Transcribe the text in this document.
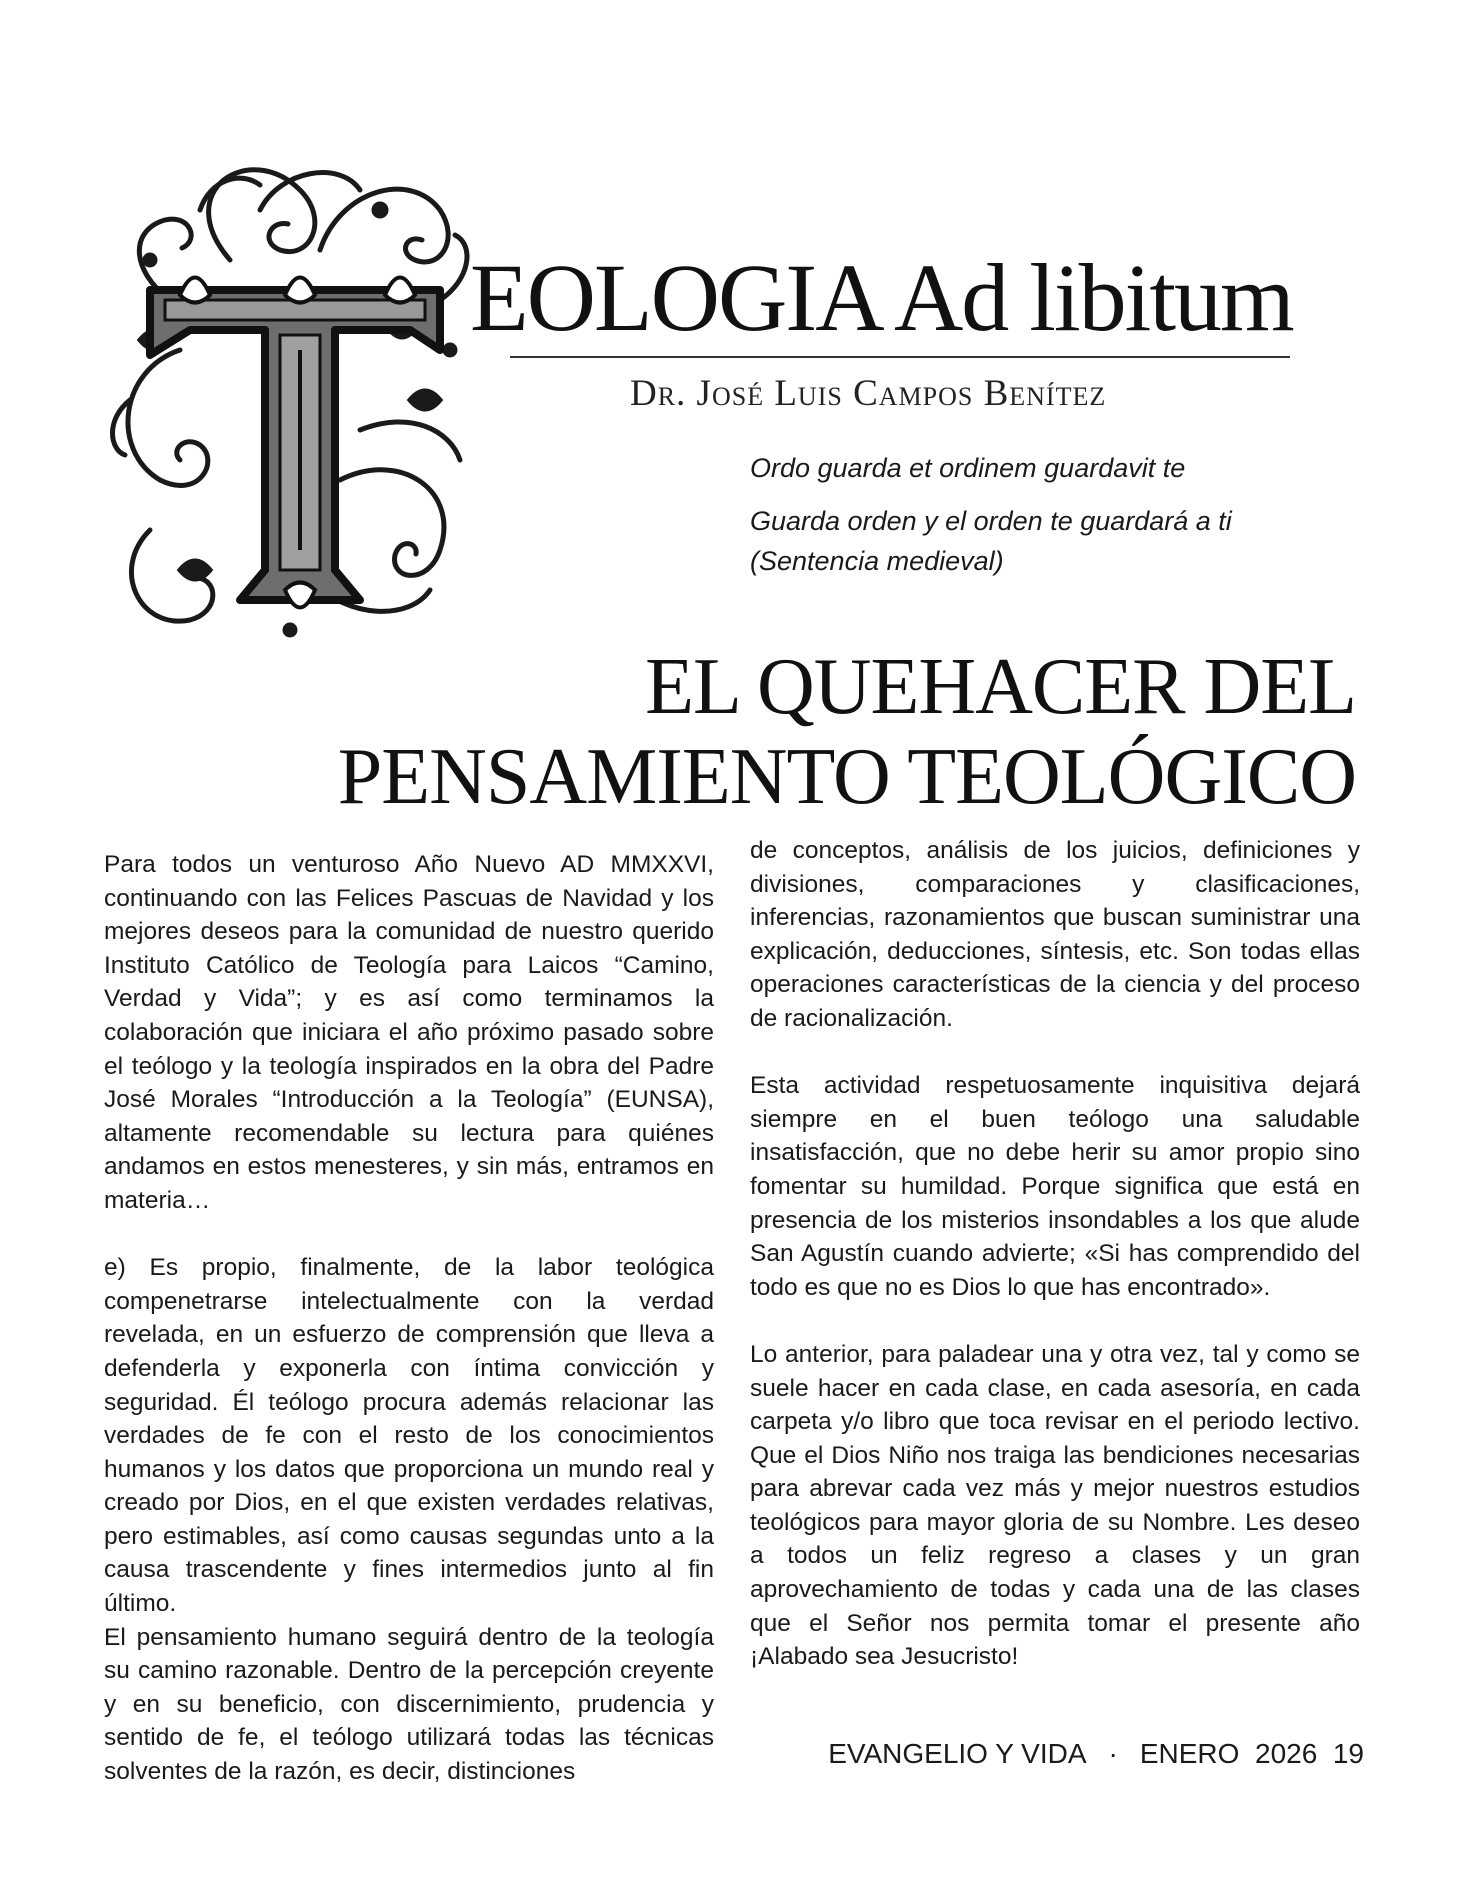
EOLOGIA Ad libitum
Dr. José Luis Campos Benítez
Ordo guarda et ordinem guardavit te
Guarda orden y el orden te guardará a ti
(Sentencia medieval)
EL QUEHACER DEL
PENSAMIENTO TEOLÓGICO

Para todos un venturoso Año Nuevo AD MMXXVI, continuando con las Felices Pascuas de Navidad y los mejores deseos para la comunidad de nuestro querido Instituto Católico de Teología para Laicos “Camino, Verdad y Vida”; y es así como terminamos la colaboración que iniciara el año próximo pasado sobre el teólogo y la teología inspirados en la obra del Padre José Morales “Introducción a la Teología” (EUNSA), altamente recomendable su lectura para quiénes andamos en estos menesteres, y sin más, entramos en materia…

e) Es propio, finalmente, de la labor teológica compenetrarse intelectualmente con la verdad revelada, en un esfuerzo de comprensión que lleva a defenderla y exponerla con íntima convicción y seguridad. Él teólogo procura además relacionar las verdades de fe con el resto de los conocimientos humanos y los datos que proporciona un mundo real y creado por Dios, en el que existen verdades relativas, pero estimables, así como causas segundas unto a la causa trascendente y fines intermedios junto al fin último.

El pensamiento humano seguirá dentro de la teología su camino razonable. Dentro de la percepción creyente y en su beneficio, con discernimiento, prudencia y sentido de fe, el teólogo utilizará todas las técnicas solventes de la razón, es decir, distinciones

de conceptos, análisis de los juicios, definiciones y divisiones, comparaciones y clasificaciones, inferencias, razonamientos que buscan suministrar una explicación, deducciones, síntesis, etc. Son todas ellas operaciones características de la ciencia y del proceso de racionalización.

Esta actividad respetuosamente inquisitiva dejará siempre en el buen teólogo una saludable insatisfacción, que no debe herir su amor propio sino fomentar su humildad. Porque significa que está en presencia de los misterios insondables a los que alude San Agustín cuando advierte; «Si has comprendido del todo es que no es Dios lo que has encontrado».

Lo anterior, para paladear una y otra vez, tal y como se suele hacer en cada clase, en cada asesoría, en cada carpeta y/o libro que toca revisar en el periodo lectivo. Que el Dios Niño nos traiga las bendiciones necesarias para abrevar cada vez más y mejor nuestros estudios teológicos para mayor gloria de su Nombre. Les deseo a todos un feliz regreso a clases y un gran aprovechamiento de todas y cada una de las clases que el Señor nos permita tomar el presente año ¡Alabado sea Jesucristo!

EVANGELIO Y VIDA · ENERO  2026 19
